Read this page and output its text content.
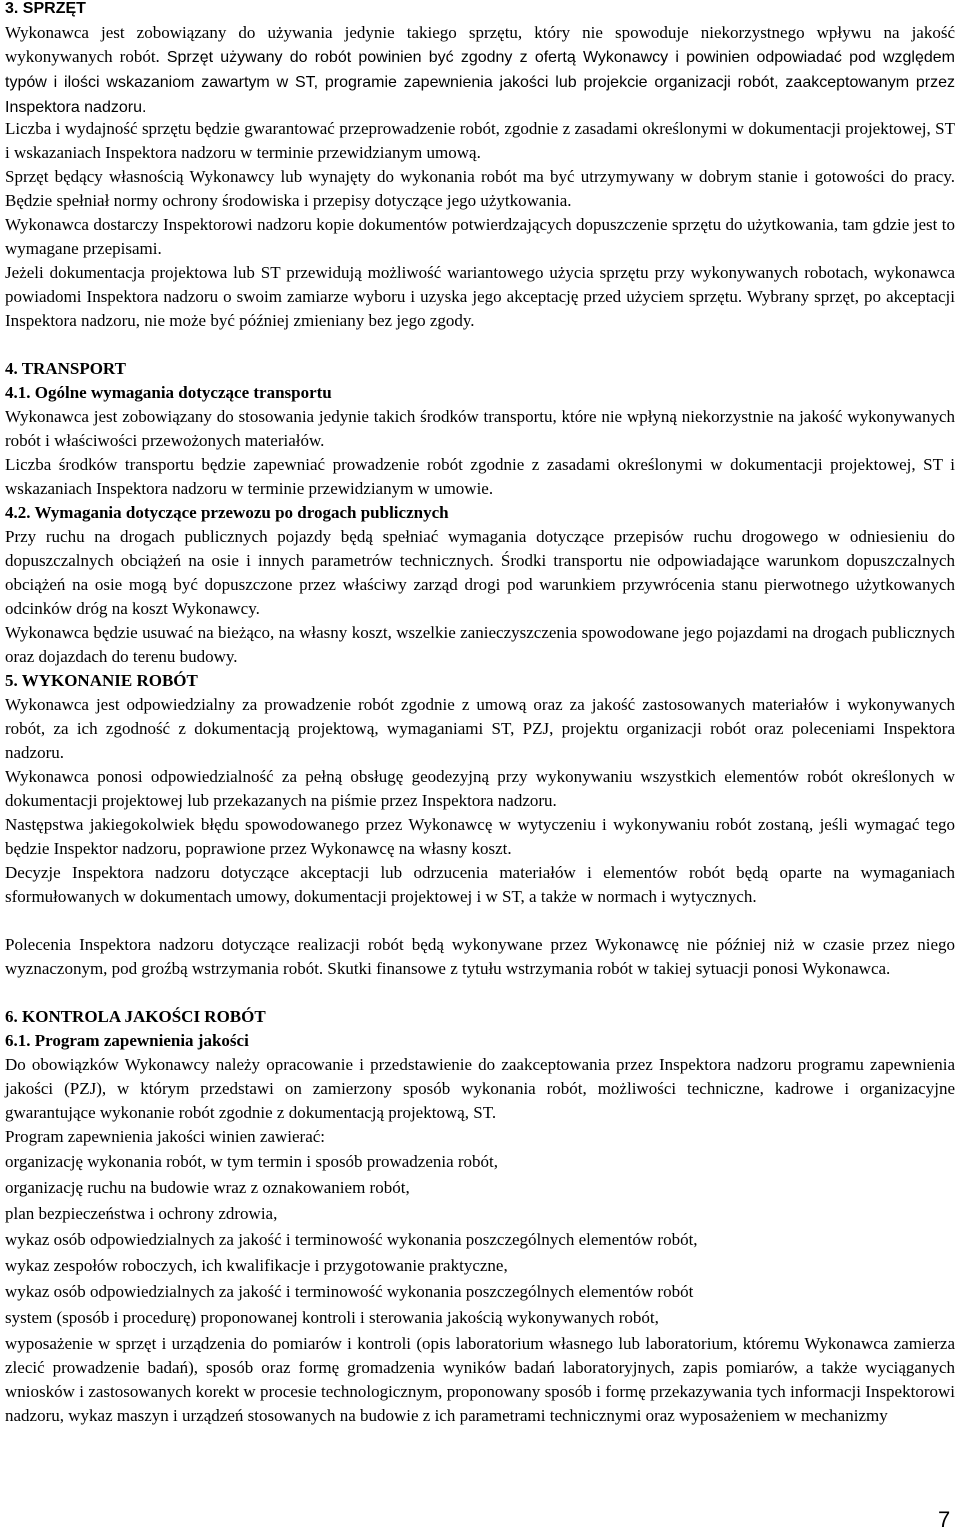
3. SPRZĘT

Wykonawca jest zobowiązany do używania jedynie takiego sprzętu, który nie spowoduje niekorzystnego wpływu na jakość wykonywanych robót. Sprzęt używany do robót powinien być zgodny z ofertą Wykonawcy i powinien odpowiadać pod względem typów i ilości wskazaniom zawartym w ST, programie zapewnienia jakości lub projekcie organizacji robót, zaakceptowanym przez Inspektora nadzoru.

Liczba i wydajność sprzętu będzie gwarantować przeprowadzenie robót, zgodnie z zasadami określonymi w dokumentacji projektowej, ST i wskazaniach Inspektora nadzoru w terminie przewidzianym umową.

Sprzęt będący własnością Wykonawcy lub wynajęty do wykonania robót ma być utrzymywany w dobrym stanie i gotowości do pracy. Będzie spełniał normy ochrony środowiska i przepisy dotyczące jego użytkowania.

Wykonawca dostarczy Inspektorowi nadzoru kopie dokumentów potwierdzających dopuszczenie sprzętu do użytkowania, tam gdzie jest to wymagane przepisami.

Jeżeli dokumentacja projektowa lub ST przewidują możliwość wariantowego użycia sprzętu przy wykonywanych robotach, wykonawca powiadomi Inspektora nadzoru o swoim zamiarze wyboru i uzyska jego akceptację przed użyciem sprzętu. Wybrany sprzęt, po akceptacji Inspektora nadzoru, nie może być później zmieniany bez jego zgody.

4. TRANSPORT
4.1. Ogólne wymagania dotyczące transportu

Wykonawca jest zobowiązany do stosowania jedynie takich środków transportu, które nie wpłyną niekorzystnie na jakość wykonywanych robót i właściwości przewożonych materiałów.

Liczba środków transportu będzie zapewniać prowadzenie robót zgodnie z zasadami określonymi w dokumentacji projektowej, ST i wskazaniach Inspektora nadzoru w terminie przewidzianym w umowie.

4.2. Wymagania dotyczące przewozu po drogach publicznych

Przy ruchu na drogach publicznych pojazdy będą spełniać wymagania dotyczące przepisów ruchu drogowego w odniesieniu do dopuszczalnych obciążeń na osie i innych parametrów technicznych. Środki transportu nie odpowiadające warunkom dopuszczalnych obciążeń na osie mogą być dopuszczone przez właściwy zarząd drogi pod warunkiem przywrócenia stanu pierwotnego użytkowanych odcinków dróg na koszt Wykonawcy.

Wykonawca będzie usuwać na bieżąco, na własny koszt, wszelkie zanieczyszczenia spowodowane jego pojazdami na drogach publicznych oraz dojazdach do terenu budowy.

5. WYKONANIE ROBÓT

Wykonawca jest odpowiedzialny za prowadzenie robót zgodnie z umową oraz za jakość zastosowanych materiałów i wykonywanych robót, za ich zgodność z dokumentacją projektową, wymaganiami ST, PZJ, projektu organizacji robót oraz poleceniami Inspektora nadzoru.

Wykonawca ponosi odpowiedzialność za pełną obsługę geodezyjną przy wykonywaniu wszystkich elementów robót określonych w dokumentacji projektowej lub przekazanych na piśmie przez Inspektora nadzoru.

Następstwa jakiegokolwiek błędu spowodowanego przez Wykonawcę w wytyczeniu i wykonywaniu robót zostaną, jeśli wymagać tego będzie Inspektor nadzoru, poprawione przez Wykonawcę na własny koszt.

Decyzje Inspektora nadzoru dotyczące akceptacji lub odrzucenia materiałów i elementów robót będą oparte na wymaganiach sformułowanych w dokumentach umowy, dokumentacji projektowej i w ST, a także w normach i wytycznych.

Polecenia Inspektora nadzoru dotyczące realizacji robót będą wykonywane przez Wykonawcę nie później niż w czasie przez niego wyznaczonym, pod groźbą wstrzymania robót. Skutki finansowe z tytułu wstrzymania robót w takiej sytuacji ponosi Wykonawca.

6. KONTROLA JAKOŚCI ROBÓT
6.1. Program zapewnienia jakości

Do obowiązków Wykonawcy należy opracowanie i przedstawienie do zaakceptowania przez Inspektora nadzoru programu zapewnienia jakości (PZJ), w którym przedstawi on zamierzony sposób wykonania robót, możliwości techniczne, kadrowe i organizacyjne gwarantujące wykonanie robót zgodnie z dokumentacją projektową, ST.

Program zapewnienia jakości winien zawierać:

organizację wykonania robót, w tym termin i sposób prowadzenia robót,
organizację ruchu na budowie wraz z oznakowaniem robót,
plan bezpieczeństwa i ochrony zdrowia,
wykaz osób odpowiedzialnych za jakość i terminowość wykonania poszczególnych elementów robót,
wykaz zespołów roboczych, ich kwalifikacje i przygotowanie praktyczne,
wykaz osób odpowiedzialnych za jakość i terminowość wykonania poszczególnych elementów robót
system (sposób i procedurę) proponowanej kontroli i sterowania jakością wykonywanych robót,

wyposażenie w sprzęt i urządzenia do pomiarów i kontroli (opis laboratorium własnego lub laboratorium, któremu Wykonawca zamierza zlecić prowadzenie badań), sposób oraz formę gromadzenia wyników badań laboratoryjnych, zapis pomiarów, a także wyciąganych wniosków i zastosowanych korekt w procesie technologicznym, proponowany sposób i formę przekazywania tych informacji Inspektorowi nadzoru, wykaz maszyn i urządzeń stosowanych na budowie z ich parametrami technicznymi oraz wyposażeniem w mechanizmy

7
